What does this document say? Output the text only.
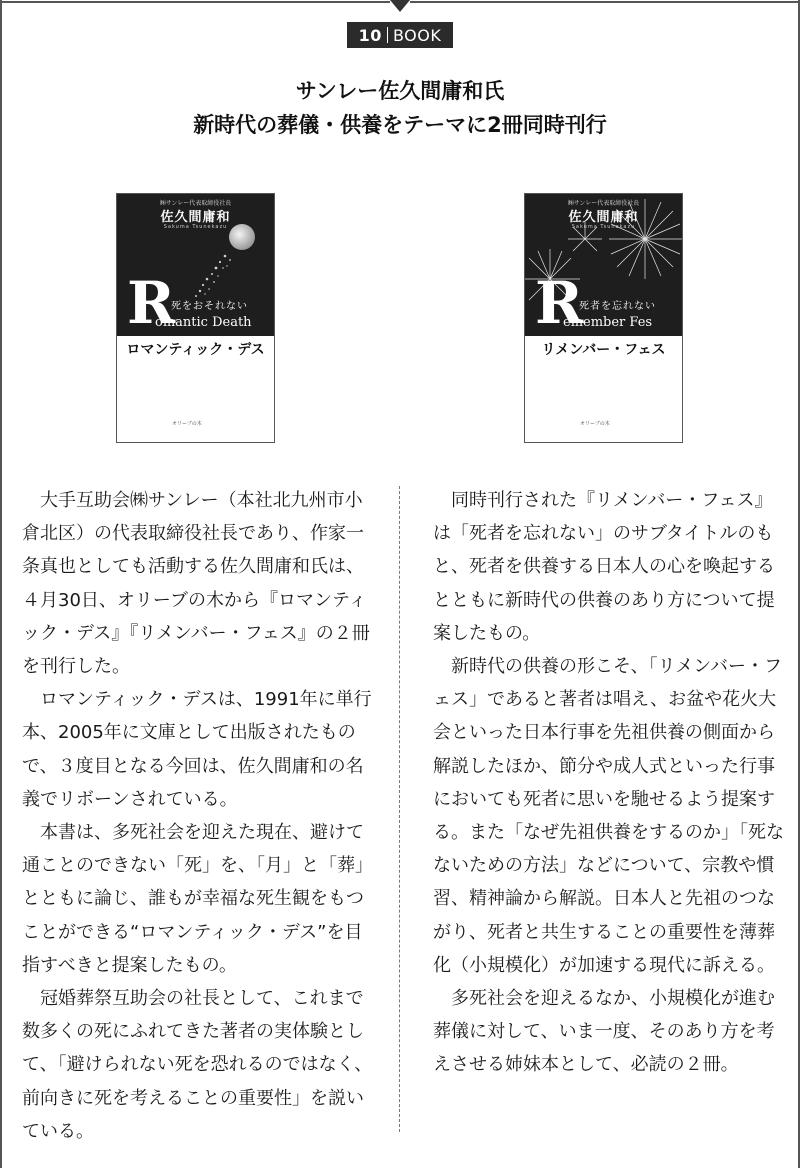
10 BOOK
サンレー佐久間庸和氏
新時代の葬儀・供養をテーマに2冊同時刊行
㈱サンレー代表取締役社長
佐久間庸和
Sakuma Tsunekazu
R
死をおそれない
omantic Death
ロマンティック・デス
オリーブの木
㈱サンレー代表取締役社長
佐久間庸和
Sakuma Tsunekazu
R
死者を忘れない
emember Fes
リメンバー・フェス
オリーブの木

大手互助会㈱サンレー（本社北九州市小倉北区）の代表取締役社長であり、作家一条真也としても活動する佐久間庸和氏は、４月30日、オリーブの木から『ロマンティック・デス』『リメンバー・フェス』の２冊を刊行した。

ロマンティック・デスは、1991年に単行本、2005年に文庫として出版されたもので、３度目となる今回は、佐久間庸和の名義でリボーンされている。

本書は、多死社会を迎えた現在、避けて通ことのできない「死」を、「月」と「葬」とともに論じ、誰もが幸福な死生観をもつことができる“ロマンティック・デス”を目指すべきと提案したもの。

冠婚葬祭互助会の社長として、これまで数多くの死にふれてきた著者の実体験として、「避けられない死を恐れるのではなく、前向きに死を考えることの重要性」を説いている。

同時刊行された『リメンバー・フェス』は「死者を忘れない」のサブタイトルのもと、死者を供養する日本人の心を喚起するとともに新時代の供養のあり方について提案したもの。

新時代の供養の形こそ、「リメンバー・フェス」であると著者は唱え、お盆や花火大会といった日本行事を先祖供養の側面から解説したほか、節分や成人式といった行事においても死者に思いを馳せるよう提案する。また「なぜ先祖供養をするのか」「死なないための方法」などについて、宗教や慣習、精神論から解説。日本人と先祖のつながり、死者と共生することの重要性を薄葬化（小規模化）が加速する現代に訴える。

多死社会を迎えるなか、小規模化が進む葬儀に対して、いま一度、そのあり方を考えさせる姉妹本として、必読の２冊。
